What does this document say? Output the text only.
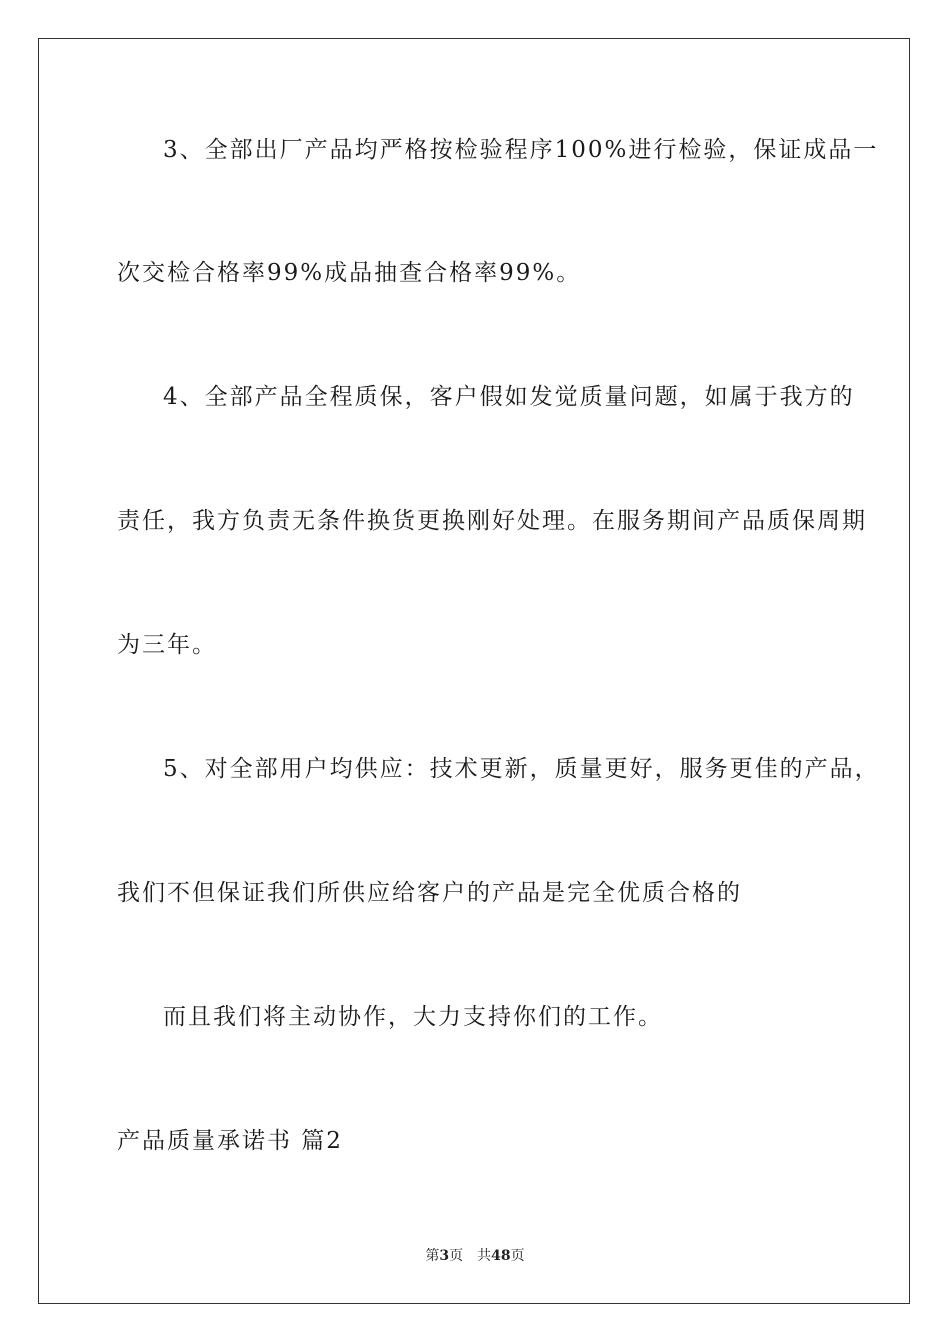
3、全部出厂产品均严格按检验程序100%进行检验，保证成品一
次交检合格率99%成品抽查合格率99%。
4、全部产品全程质保，客户假如发觉质量问题，如属于我方的
责任，我方负责无条件换货更换刚好处理。在服务期间产品质保周期
为三年。
5、对全部用户均供应：技术更新，质量更好，服务更佳的产品，
我们不但保证我们所供应给客户的产品是完全优质合格的
而且我们将主动协作，大力支持你们的工作。
产品质量承诺书 篇2
第3页 共48页
